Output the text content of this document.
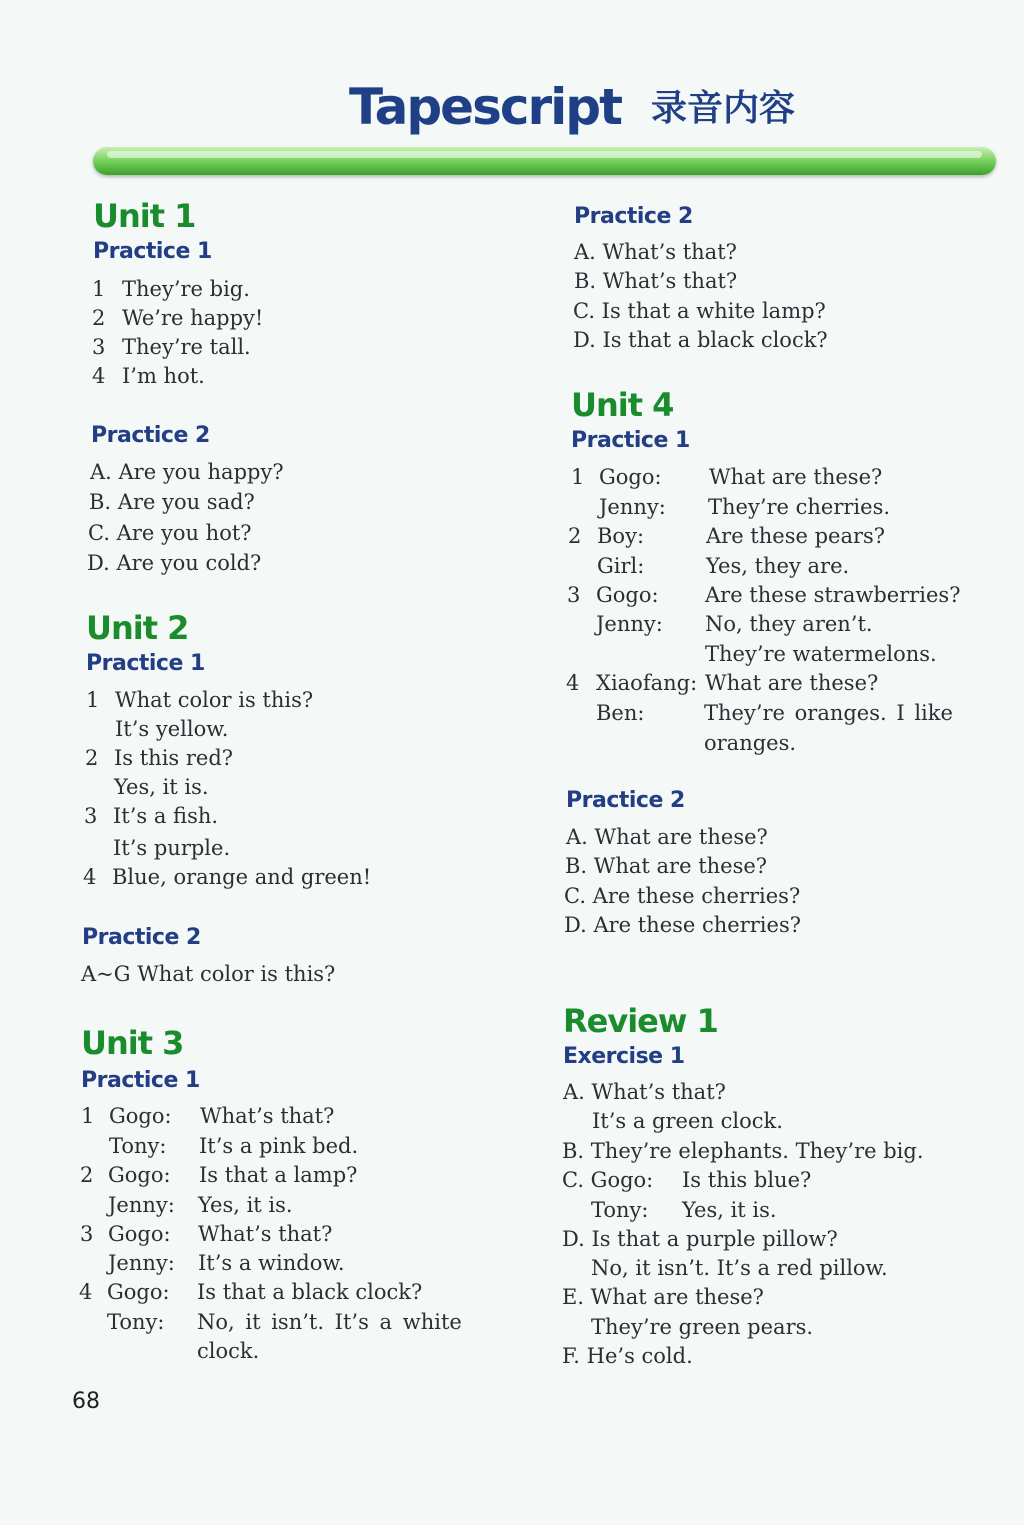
Tapescript 录音内容
Unit 1
Practice 1
1 They’re big.
2 We’re happy!
3 They’re tall.
4 I’m hot.
Practice 2
A. Are you happy?
B. Are you sad?
C. Are you hot?
D. Are you cold?
Unit 2
Practice 1
1 What color is this?
It’s yellow.
2 Is this red?
Yes, it is.
3 It’s a fish.
It’s purple.
4 Blue, orange and green!
Practice 2
A~G What color is this?
Unit 3
Practice 1
1 Gogo: What’s that?
Tony: It’s a pink bed.
2 Gogo: Is that a lamp?
Jenny: Yes, it is.
3 Gogo: What’s that?
Jenny: It’s a window.
4 Gogo: Is that a black clock?
Tony: No, it isn’t. It’s a white
clock.
68
Practice 2
A. What’s that?
B. What’s that?
C. Is that a white lamp?
D. Is that a black clock?
Unit 4
Practice 1
1 Gogo: What are these?
Jenny: They’re cherries.
2 Boy:	Are these pears?
Girl:	Yes, they are.
3 Gogo: Are these strawberries?
Jenny: No, they aren’t.
They’re watermelons.
4 Xiaofang: What are these?
Ben:	They’re oranges. I like
oranges.
Practice 2
A. What are these?
B. What are these?
C. Are these cherries?
D. Are these cherries?
Review 1
Exercise 1
A. What’s that?
It’s a green clock.
B. They’re elephants. They’re big.
C. Gogo: Is this blue?
Tony: Yes, it is.
D. Is that a purple pillow?
No, it isn’t. It’s a red pillow.
E. What are these?
They’re green pears.
F. He’s cold.
